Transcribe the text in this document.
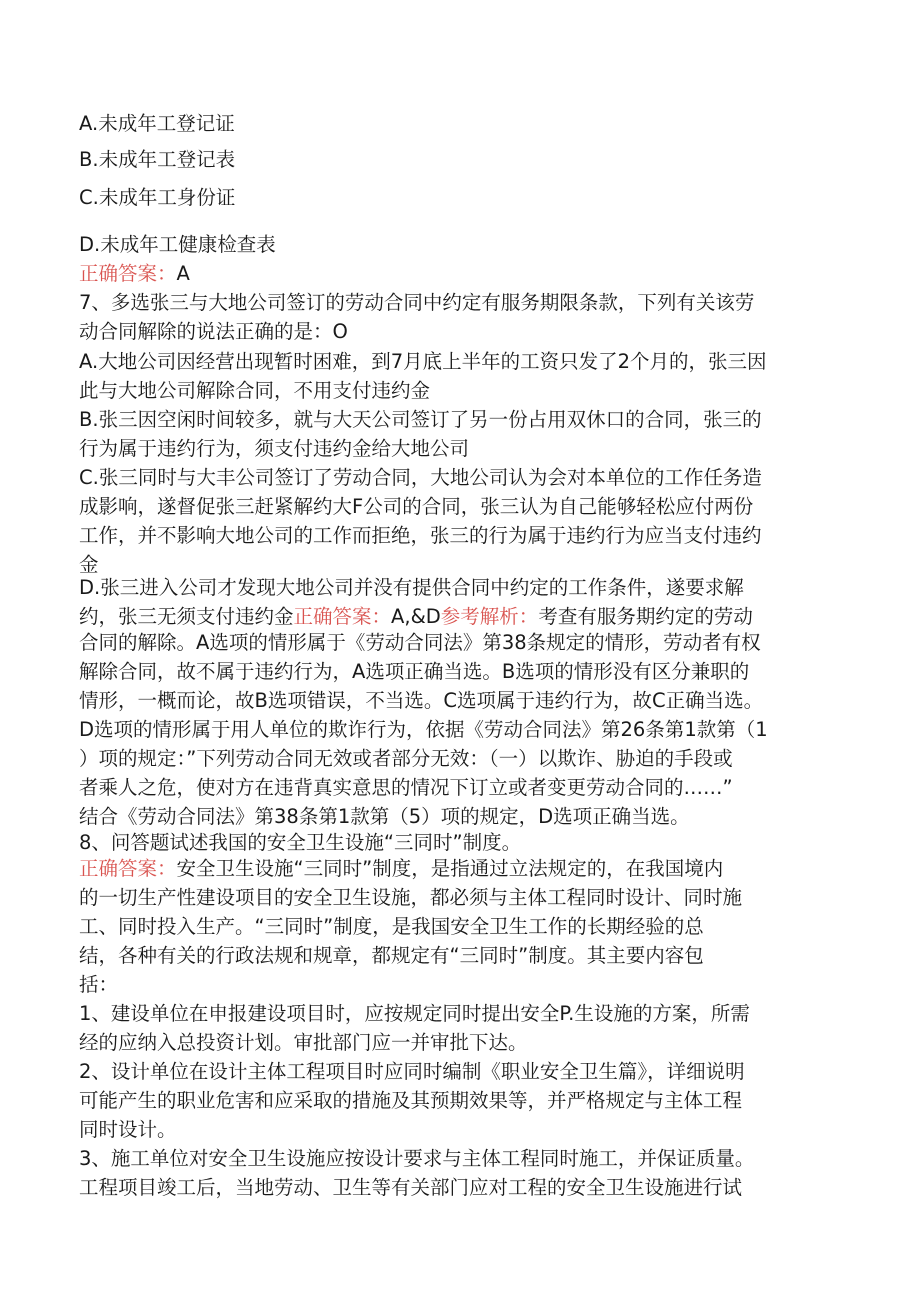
A.未成年工登记证
B.未成年工登记表
C.未成年工身份证
D.未成年工健康检查表
正确答案：A
7、多选张三与大地公司签订的劳动合同中约定有服务期限条款，下列有关该劳
动合同解除的说法正确的是：O
A.大地公司因经营出现暂时困难，到7月底上半年的工资只发了2个月的，张三因
此与大地公司解除合同，不用支付违约金
B.张三因空闲时间较多，就与大天公司签订了另一份占用双休口的合同，张三的
行为属于违约行为，须支付违约金给大地公司
C.张三同时与大丰公司签订了劳动合同，大地公司认为会对本单位的工作任务造
成影响，遂督促张三赶紧解约大F公司的合同，张三认为自己能够轻松应付两份
工作，并不影响大地公司的工作而拒绝，张三的行为属于违约行为应当支付违约
金
D.张三进入公司才发现大地公司并没有提供合同中约定的工作条件，遂要求解
约，张三无须支付违约金正确答案：A,&D参考解析：考查有服务期约定的劳动
合同的解除。A选项的情形属于《劳动合同法》第38条规定的情形，劳动者有权
解除合同，故不属于违约行为，A选项正确当选。B选项的情形没有区分兼职的
情形，一概而论，故B选项错误，不当选。C选项属于违约行为，故C正确当选。
D选项的情形属于用人单位的欺诈行为，依据《劳动合同法》第26条第1款第（1
）项的规定：”下列劳动合同无效或者部分无效：（一）以欺诈、胁迫的手段或
者乘人之危，使对方在违背真实意思的情况下订立或者变更劳动合同的……”
结合《劳动合同法》第38条第1款第（5）项的规定，D选项正确当选。
8、问答题试述我国的安全卫生设施“三同时”制度。
正确答案：安全卫生设施“三同时”制度，是指通过立法规定的，在我国境内
的一切生产性建设项目的安全卫生设施，都必须与主体工程同时设计、同时施
工、同时投入生产。“三同时”制度，是我国安全卫生工作的长期经验的总
结，各种有关的行政法规和规章，都规定有“三同时”制度。其主要内容包
括：
1、建设单位在申报建设项目时，应按规定同时提出安全P.生设施的方案，所需
经的应纳入总投资计划。审批部门应一并审批下达。
2、设计单位在设计主体工程项目时应同时编制《职业安全卫生篇》，详细说明
可能产生的职业危害和应采取的措施及其预期效果等，并严格规定与主体工程
同时设计。
3、施工单位对安全卫生设施应按设计要求与主体工程同时施工，并保证质量。
工程项目竣工后，当地劳动、卫生等有关部门应对工程的安全卫生设施进行试
